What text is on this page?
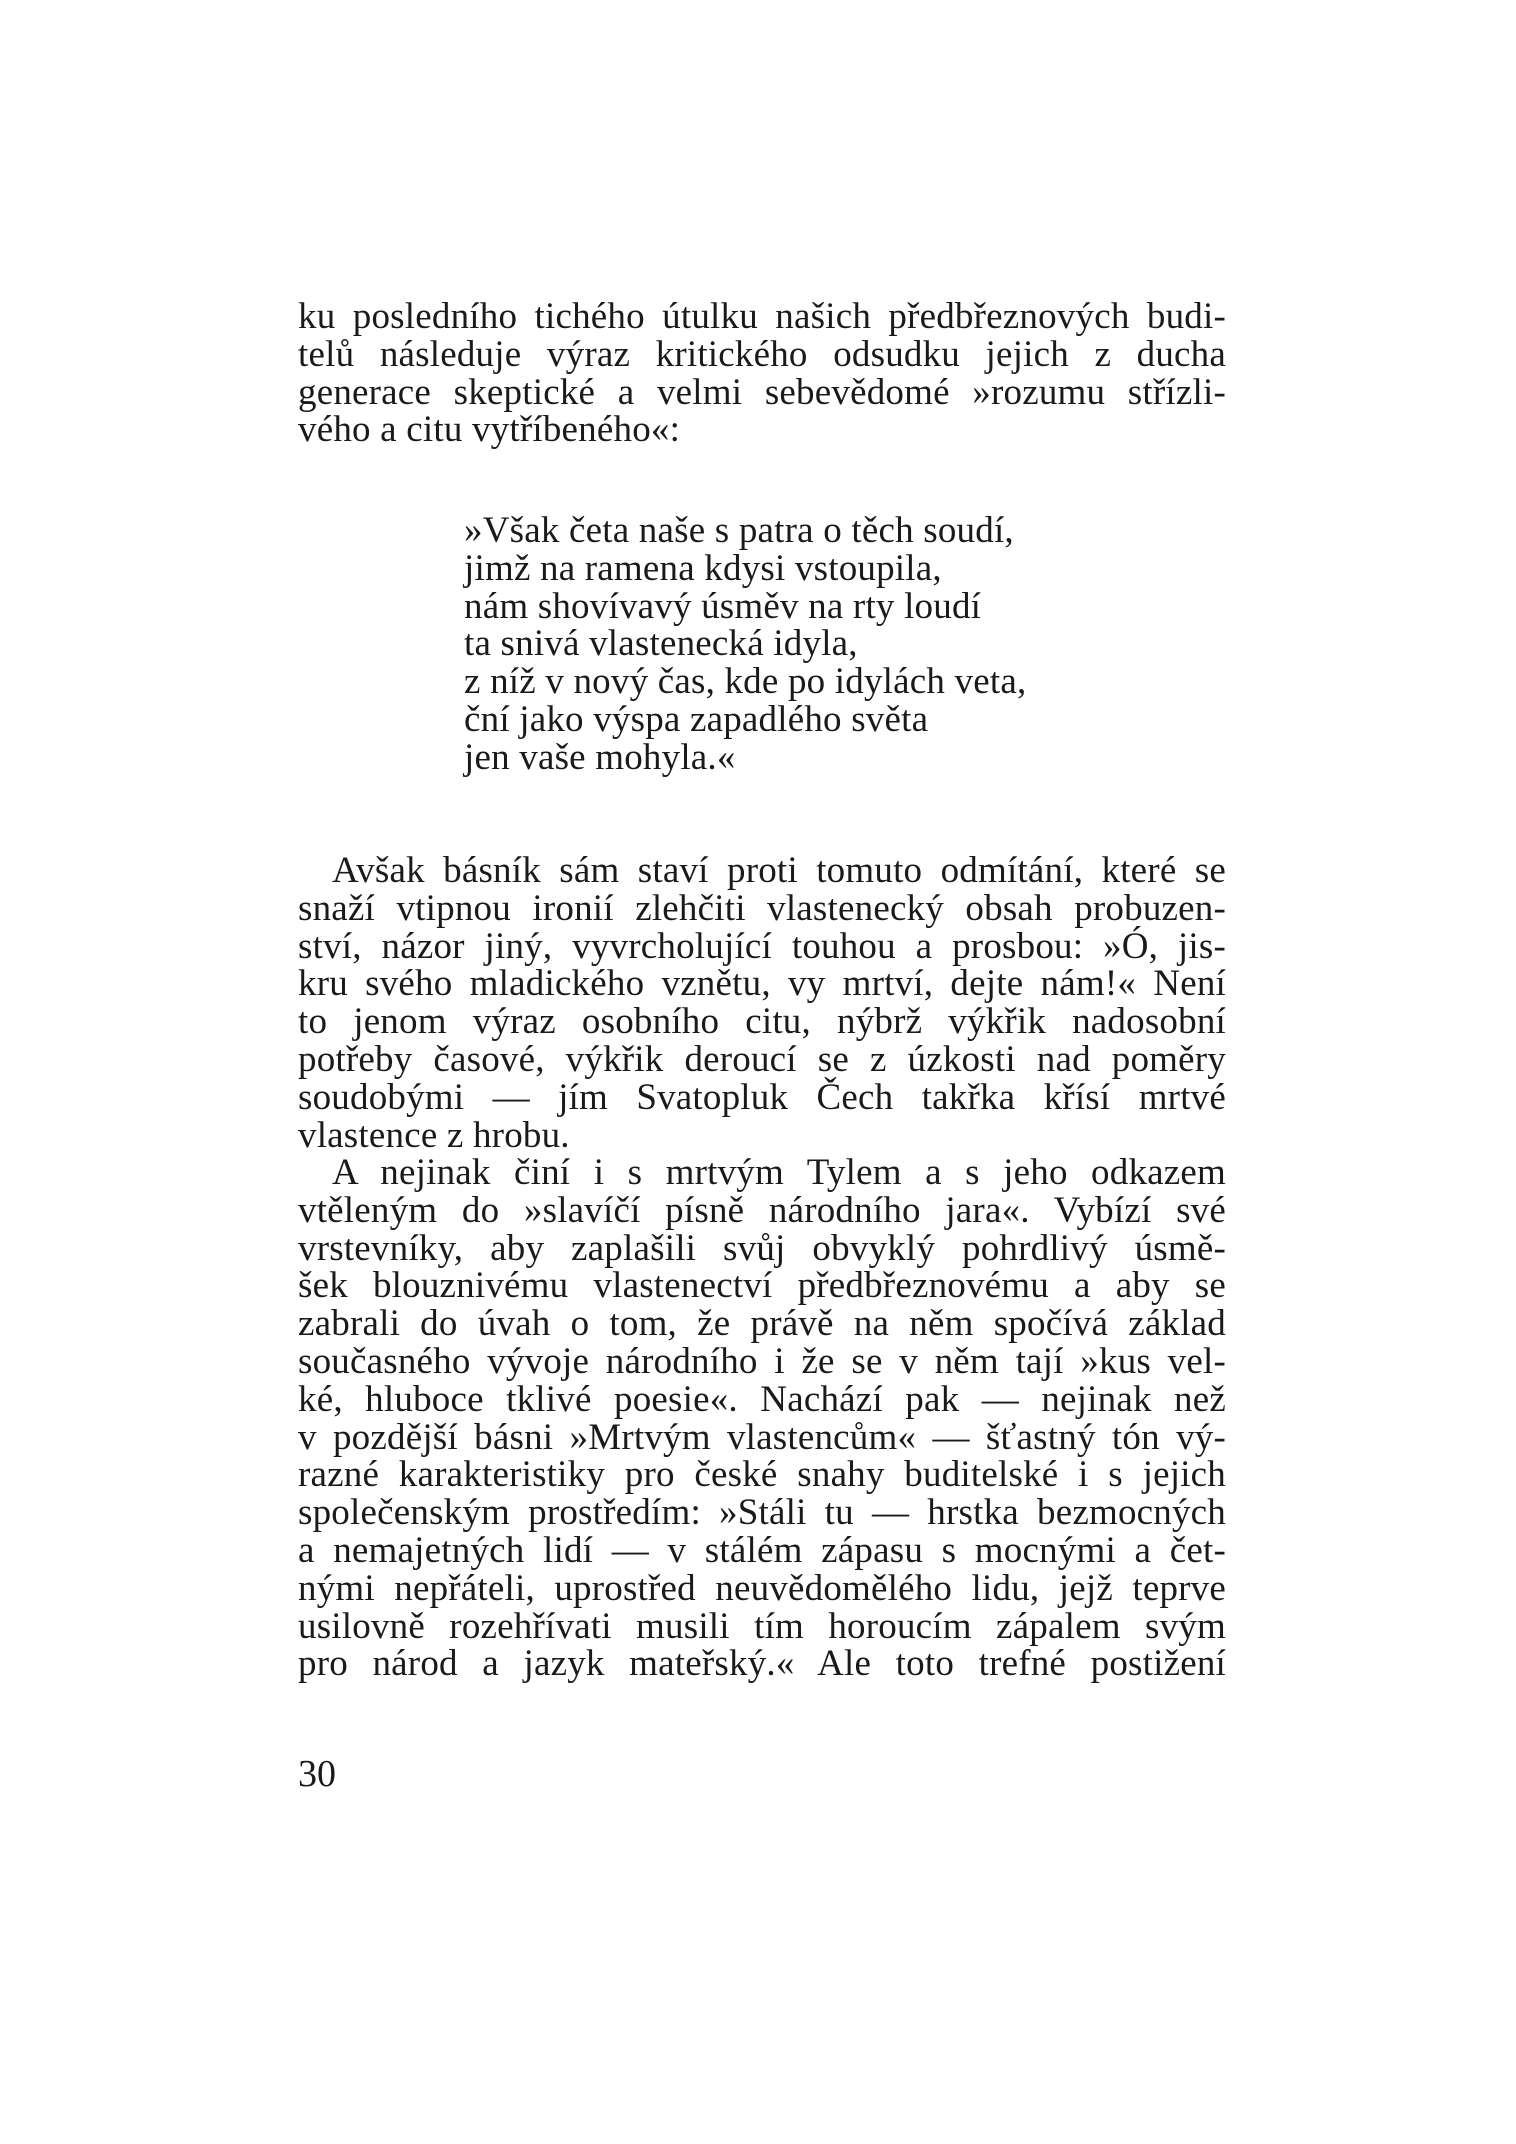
ku posledního tichého útulku našich předbřeznových budi-
telů následuje výraz kritického odsudku jejich z ducha
generace skeptické a velmi sebevědomé »rozumu střízli-
vého a citu vytříbeného«:
»Však četa naše s patra o těch soudí,
jimž na ramena kdysi vstoupila,
nám shovívavý úsměv na rty loudí
ta snivá vlastenecká idyla,
z níž v nový čas, kde po idylách veta,
ční jako výspa zapadlého světa
jen vaše mohyla.«
Avšak básník sám staví proti tomuto odmítání, které se
snaží vtipnou ironií zlehčiti vlastenecký obsah probuzen-
ství, názor jiný, vyvrcholující touhou a prosbou: »Ó, jis-
kru svého mladického vznětu, vy mrtví, dejte nám!« Není
to jenom výraz osobního citu, nýbrž výkřik nadosobní
potřeby časové, výkřik deroucí se z úzkosti nad poměry
soudobými — jím Svatopluk Čech takřka křísí mrtvé
vlastence z hrobu.
A nejinak činí i s mrtvým Tylem a s jeho odkazem
vtěleným do »slavíčí písně národního jara«. Vybízí své
vrstevníky, aby zaplašili svůj obvyklý pohrdlivý úsmě-
šek blouznivému vlastenectví předbřeznovému a aby se
zabrali do úvah o tom, že právě na něm spočívá základ
současného vývoje národního i že se v něm tají »kus vel-
ké, hluboce tklivé poesie«. Nachází pak — nejinak než
v pozdější básni »Mrtvým vlastencům« — šťastný tón vý-
razné karakteristiky pro české snahy buditelské i s jejich
společenským prostředím: »Stáli tu — hrstka bezmocných
a nemajetných lidí — v stálém zápasu s mocnými a čet-
nými nepřáteli, uprostřed neuvědomělého lidu, jejž teprve
usilovně rozehřívati musili tím horoucím zápalem svým
pro národ a jazyk mateřský.« Ale toto trefné postižení
30
